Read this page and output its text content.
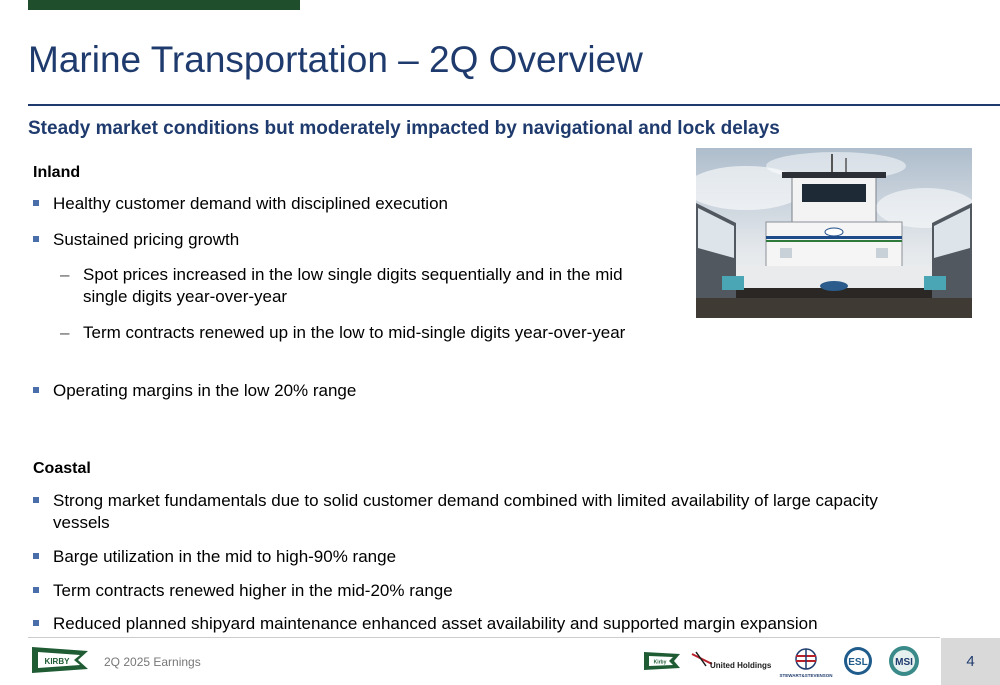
Marine Transportation – 2Q Overview
Steady market conditions but moderately impacted by navigational and lock delays
Inland
Healthy customer demand with disciplined execution
Sustained pricing growth
– Spot prices increased in the low single digits sequentially and in the mid single digits year-over-year
– Term contracts renewed up in the low to mid-single digits year-over-year
Operating margins in the low 20% range
Coastal
Strong market fundamentals due to solid customer demand combined with limited availability of large capacity vessels
Barge utilization in the mid to high-90% range
Term contracts renewed higher in the mid-20% range
Reduced planned shipyard maintenance enhanced asset availability and supported margin expansion
KIRBY	2Q 2025 Earnings	Kirby	United Holdings
STEWART&STEVENSON
ESL	MSI	4
